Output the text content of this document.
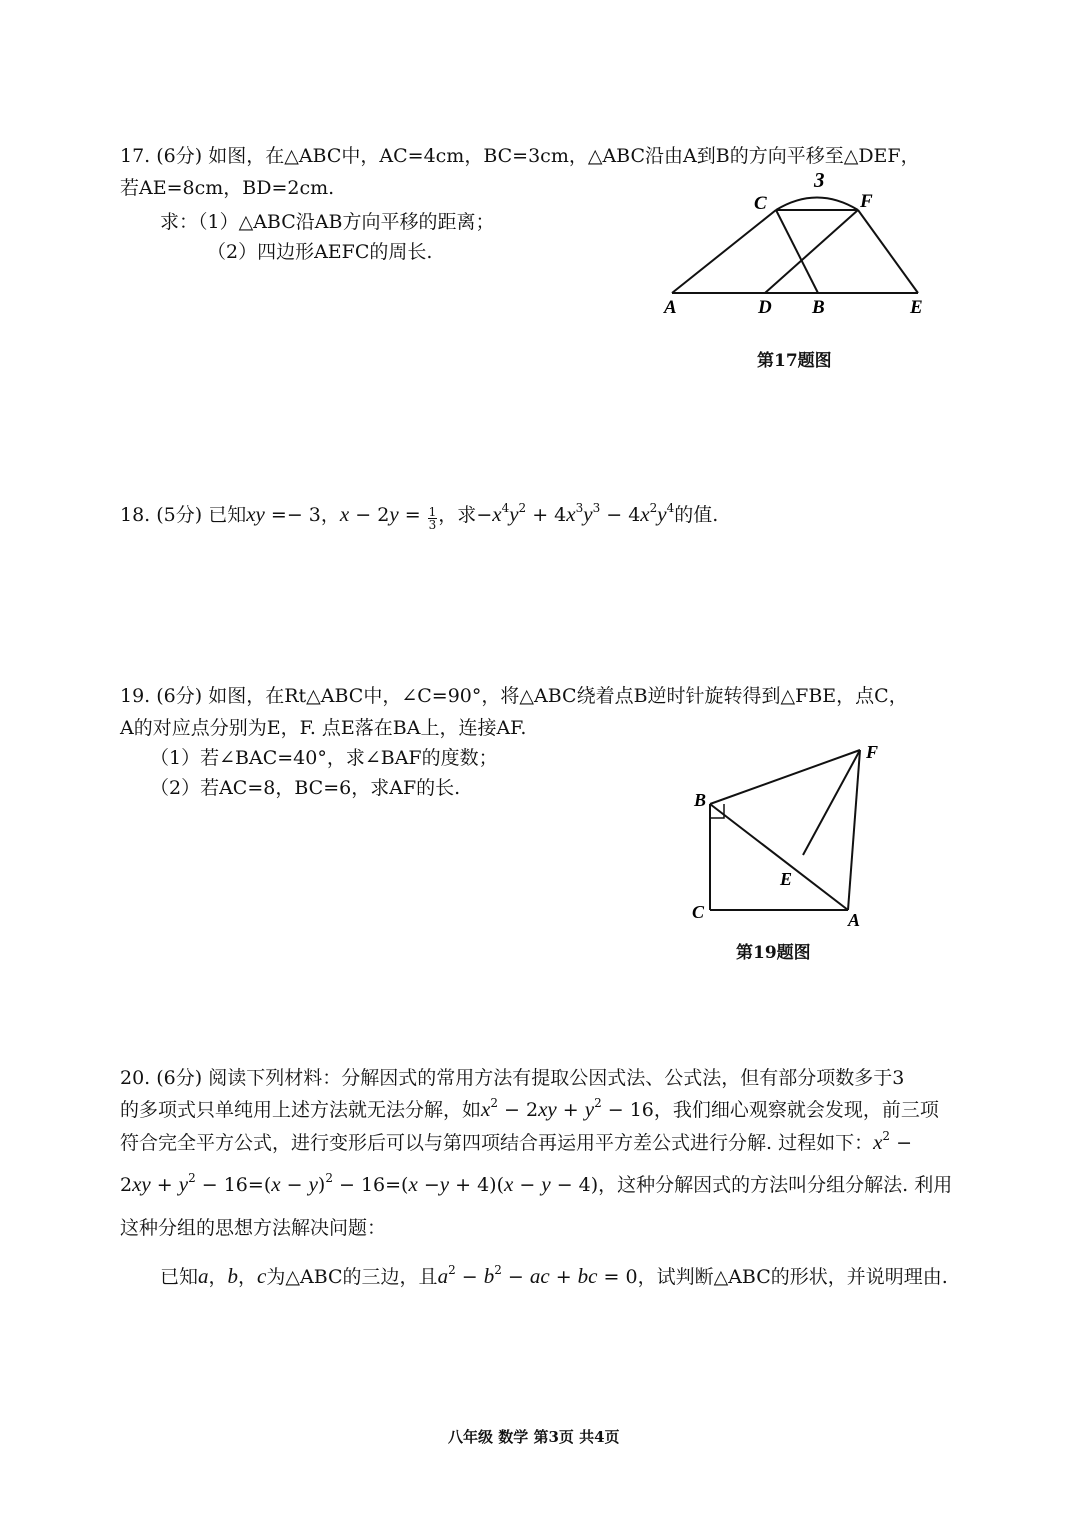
17. (6分) 如图，在△ABC中，AC=4cm，BC=3cm，△ABC沿由A到B的方向平移至△DEF，
若AE=8cm，BD=2cm.
求：（1）△ABC沿AB方向平移的距离；
（2）四边形AEFC的周长.
A	D B	E
C	F
3
第17题图
18. (5分) 已知xy =− 3，$x - 2y = \frac{1}{3}$ ，求$-x^4y^2 + 4x^3y^3 - 4x^2y^4$的值.
19. (6分) 如图，在Rt△ABC中，∠C=90°，将△ABC绕着点B逆时针旋转得到△FBE，点C，
A的对应点分别为E，F. 点E落在BA上，连接AF.
（1）若∠BAC=40°，求∠BAF的度数；
（2）若AC=8，BC=6，求AF的长.
B
C	A
F
E
第19题图
20. (6分) 阅读下列材料：分解因式的常用方法有提取公因式法、公式法，但有部分项数多于3
的多项式只单纯用上述方法就无法分解，如$x^2 - 2xy + y^2 - 16$，我们细心观察就会发现，前三项
符合完全平方公式，进行变形后可以与第四项结合再运用平方差公式进行分解. 过程如下：$x^2$ −
$2xy + y^2 - 16=(x - y)^2 - 16=(x -y + 4)(x - y - 4)$，这种分解因式的方法叫分组分解法. 利用
这种分组的思想方法解决问题：
已知a，b，c为△ABC的三边，且$a^2 - b^2$ − ac + bc = 0，试判断△ABC的形状，并说明理由.
八年级 数学 第3页 共4页
